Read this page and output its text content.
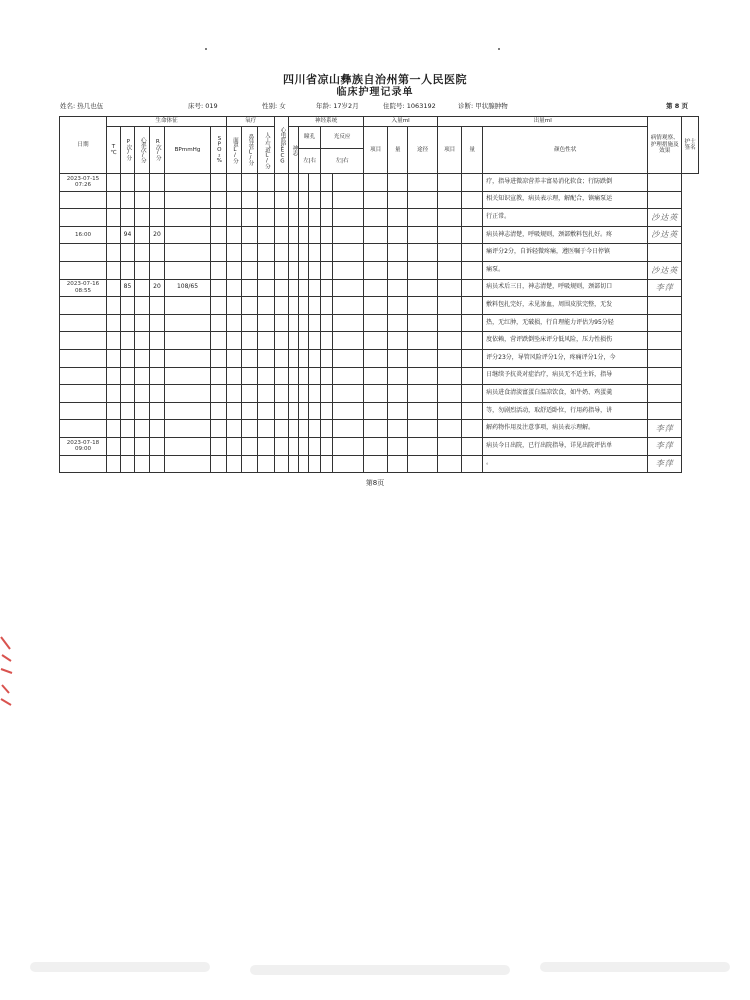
四川省凉山彝族自治州第一人民医院
临床护理记录单
姓名: 热几也伍	床号: 019	性别: 女	年龄: 17岁2月	住院号: 1063192	诊断: 甲状腺肿物	第 8 页
日期	生命体征						氧疗			心电监护ECG	神经系统					入量ml			出量ml			病情观察、护理措施及效果	护士签名

	T
℃	P次/分	心率次/分	R次/分	BPmmHg	SPO₂%	面罩L/分	鼻导管L/分	人工气道L/分		神志	瞳孔		光反应		项目	量	途径	项目	量	颜色性状		

												左|右		左|右									

2023-07-15
07:26																					疗，指导进微凉营养丰富易消化软食；行防跌倒		

																					相关知识宣教，病员表示理，解配合，镇痛泵运		

																					行正常。	沙达英	

16:00		94		20																	病员神志清楚，呼吸规则，颈部敷料包扎好。疼	沙达英	

																					痛评分2分，自诉轻微疼痛，遵医嘱于今日停镇		

																					痛泵。	沙达英	

2023-07-16
08:55		85		20	108/65																病员术后三日，神志清楚，呼吸规则，颈部切口	李萍	

																					敷料包扎完好，未见渗血，周围皮肤完整，无发		

																					热，无红肿，无破损，行自理能力评估为95分轻		

																					度依赖，营评跌倒坠床评分低风险，压力性损伤		

																					评分23分，导管风险评分1分，疼痛评分1分，今		

																					日继续予抗炎对症治疗，病员无不适主诉，指导		

																					病员进食清淡富蛋白温凉饮食，如牛奶、鸡蛋羹		

																					等，勿剧烈活动，取舒适卧位，行用药指导，讲		

																					解药物作用及注意事项，病员表示理解。	李萍	

2023-07-18
09:00																					病员今日出院，已行出院指导，详见出院评估单	李萍	

																					。	李萍	
第8页
